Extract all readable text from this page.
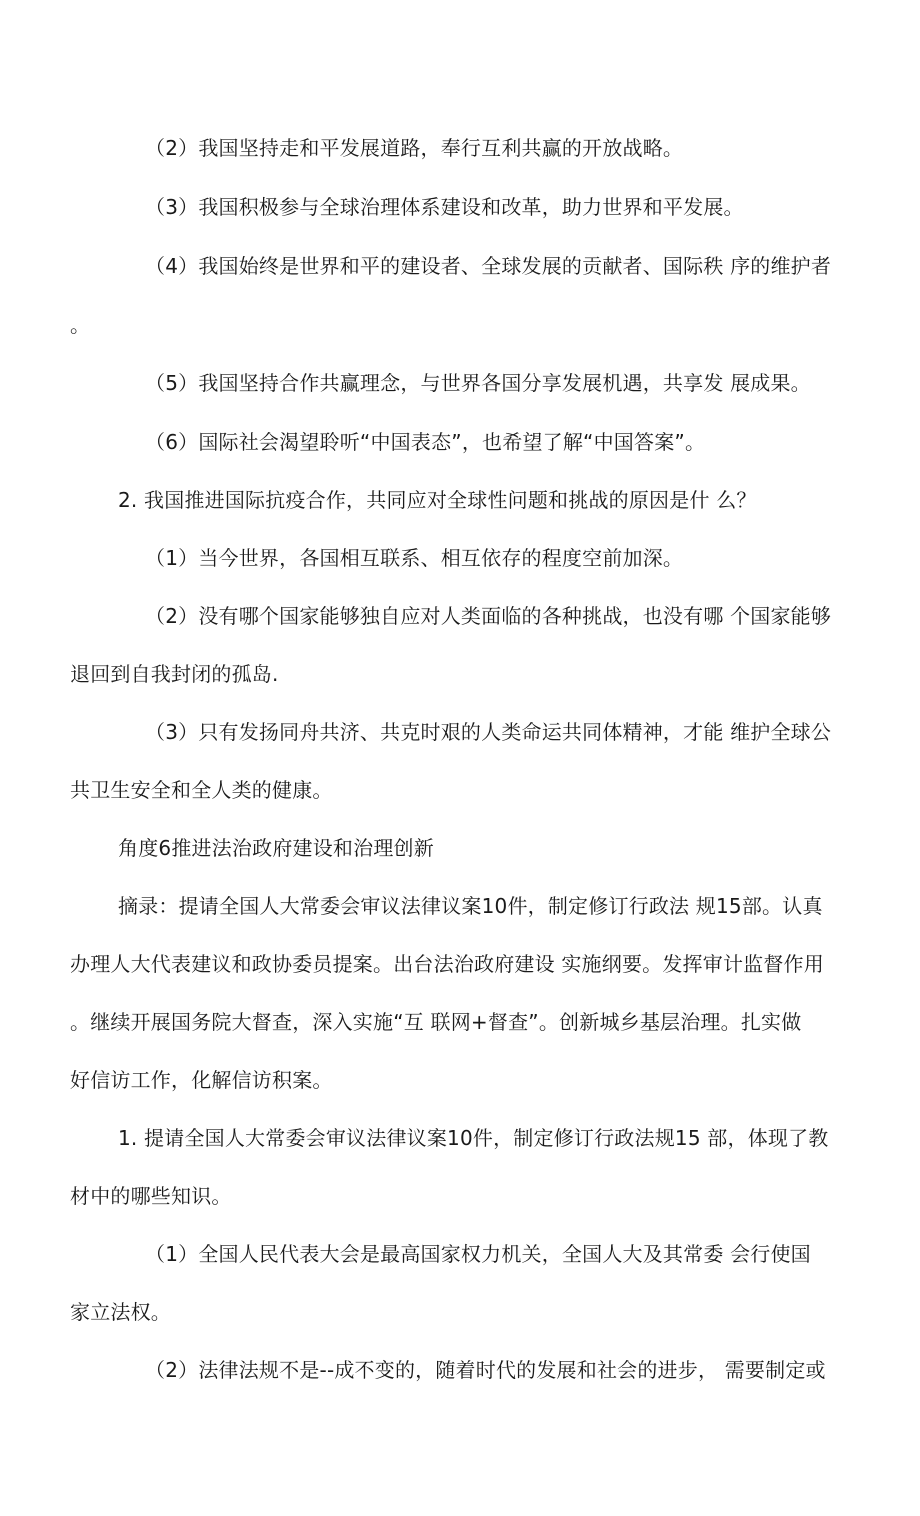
（2）我国坚持走和平发展道路，奉行互利共赢的开放战略。
（3）我国积极参与全球治理体系建设和改革，助力世界和平发展。
（4）我国始终是世界和平的建设者、全球发展的贡献者、国际秩 序的维护者
。
（5）我国坚持合作共赢理念，与世界各国分享发展机遇，共享发 展成果。
（6）国际社会渴望聆听“中国表态”，也希望了解“中国答案”。
2. 我国推进国际抗疫合作，共同应对全球性问题和挑战的原因是什 么？
（1）当今世界，各国相互联系、相互依存的程度空前加深。
（2）没有哪个国家能够独自应对人类面临的各种挑战，也没有哪 个国家能够
退回到自我封闭的孤岛.
（3）只有发扬同舟共济、共克时艰的人类命运共同体精神，才能 维护全球公
共卫生安全和全人类的健康。
角度6推进法治政府建设和治理创新
摘录：提请全国人大常委会审议法律议案10件，制定修订行政法 规15部。认真
办理人大代表建议和政协委员提案。出台法治政府建设 实施纲要。发挥审计监督作用
。继续开展国务院大督查，深入实施“互 联网+督查”。创新城乡基层治理。扎实做
好信访工作，化解信访积案。
1. 提请全国人大常委会审议法律议案10件，制定修订行政法规15 部，体现了教
材中的哪些知识。
（1）全国人民代表大会是最高国家权力机关，全国人大及其常委 会行使国
家立法权。
（2）法律法规不是--成不变的，随着时代的发展和社会的进步， 需要制定或
